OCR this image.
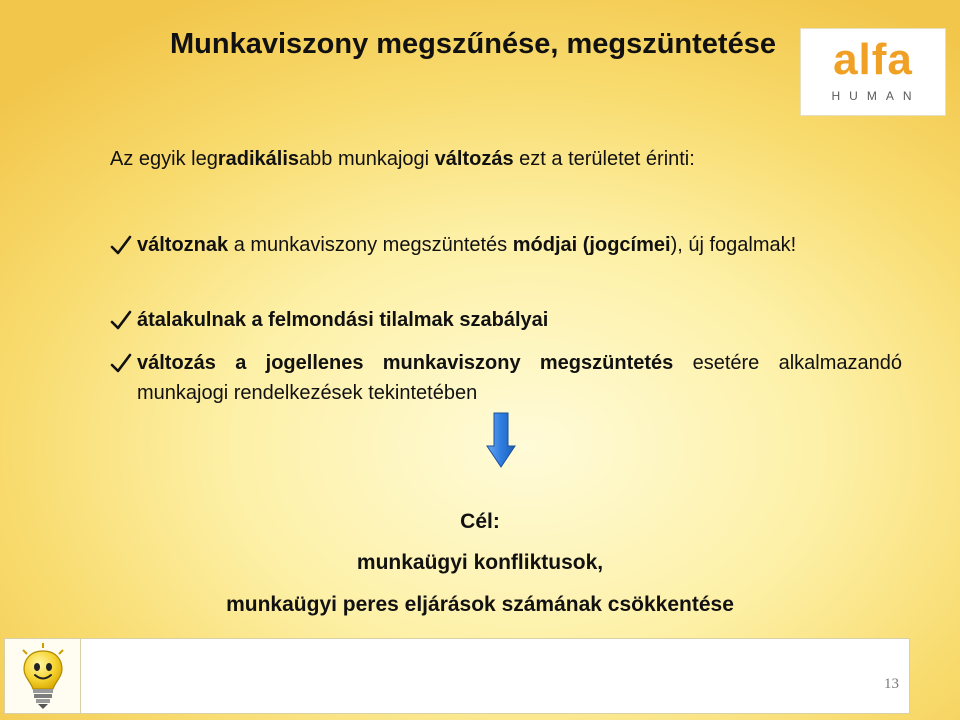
Munkaviszony megszűnése, megszüntetése	alfa
HUMAN
Az egyik legradikálisabb munkajogi változás ezt a területet érinti:
változnak a munkaviszony megszüntetés módjai (jogcímei), új fogalmak!
átalakulnak a felmondási tilalmak szabályai
változás a jogellenes munkaviszony megszüntetés esetére alkalmazandó munkajogi rendelkezések tekintetében
Cél:
munkaügyi konfliktusok,
munkaügyi peres eljárások számának csökkentése
13
